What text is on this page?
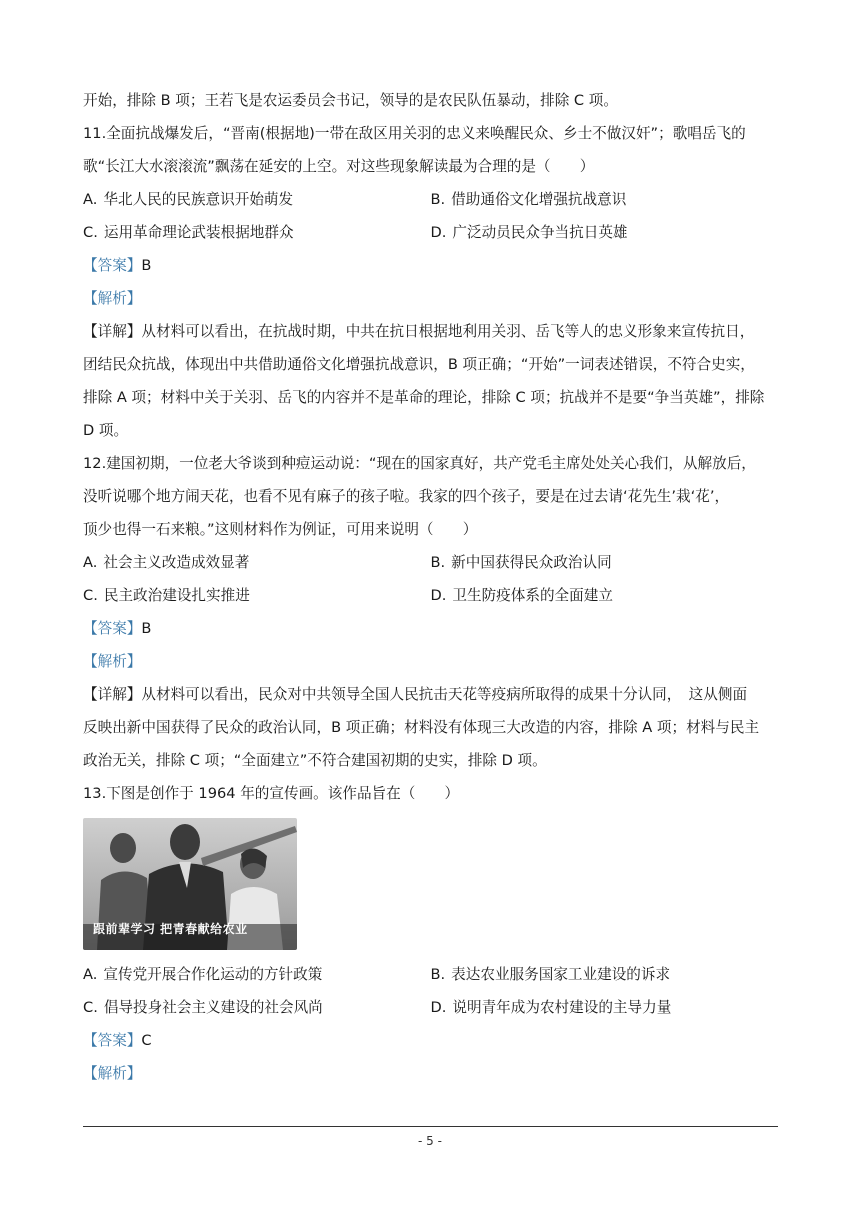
开始，排除 B 项；王若飞是农运委员会书记，领导的是农民队伍暴动，排除 C 项。
11.全面抗战爆发后，“晋南(根据地)一带在敌区用关羽的忠义来唤醒民众、乡士不做汉奸”；歌唱岳飞的
歌“长江大水滚滚流”飘荡在延安的上空。对这些现象解读最为合理的是（　　）
A. 华北人民的民族意识开始萌发	B. 借助通俗文化增强抗战意识
C. 运用革命理论武装根据地群众	D. 广泛动员民众争当抗日英雄
【答案】B
【解析】
【详解】从材料可以看出，在抗战时期，中共在抗日根据地利用关羽、岳飞等人的忠义形象来宣传抗日，
团结民众抗战，体现出中共借助通俗文化增强抗战意识，B 项正确；“开始”一词表述错误，不符合史实，
排除 A 项；材料中关于关羽、岳飞的内容并不是革命的理论，排除 C 项；抗战并不是要“争当英雄”，排除
D 项。
12.建国初期，一位老大爷谈到种痘运动说：“现在的国家真好，共产党毛主席处处关心我们，从解放后，
没听说哪个地方闹天花，也看不见有麻子的孩子啦。我家的四个孩子，要是在过去请‘花先生’栽‘花’，
顶少也得一石来粮。”这则材料作为例证，可用来说明（　　）
A. 社会主义改造成效显著	B. 新中国获得民众政治认同
C. 民主政治建设扎实推进	D. 卫生防疫体系的全面建立
【答案】B
【解析】
【详解】从材料可以看出，民众对中共领导全国人民抗击天花等疫病所取得的成果十分认同，　这从侧面
反映出新中国获得了民众的政治认同，B 项正确；材料没有体现三大改造的内容，排除 A 项；材料与民主
政治无关，排除 C 项；“全面建立”不符合建国初期的史实，排除 D 项。
13.下图是创作于 1964 年的宣传画。该作品旨在（　　）
跟前辈学习 把青春献给农业
A. 宣传党开展合作化运动的方针政策	B. 表达农业服务国家工业建设的诉求
C. 倡导投身社会主义建设的社会风尚	D. 说明青年成为农村建设的主导力量
【答案】C
【解析】
- 5 -
